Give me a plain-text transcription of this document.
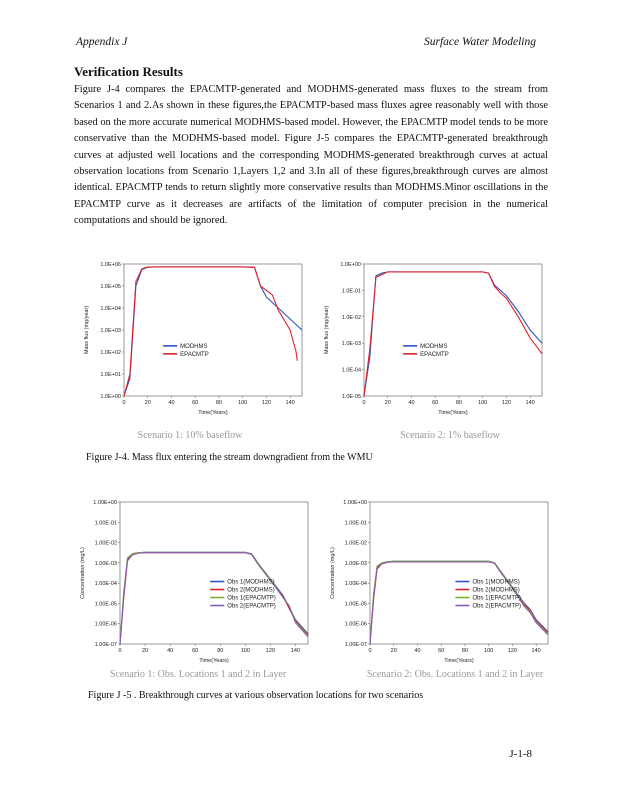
Appendix J	Surface Water Modeling
Verification Results

Figure J-4 compares the EPACMTP-generated and MODHMS-generated mass fluxes to the stream from Scenarios 1 and 2.As shown in these figures,the EPACMTP-based mass fluxes agree reasonably well with those based on the more accurate numerical MODHMS-based model. However, the EPACMTP model tends to be more conservative than the MODHMS-based model. Figure J-5 compares the EPACMTP-generated breakthrough curves at adjusted well locations and the corresponding MODHMS-generated breakthrough curves at actual observation locations from Scenario 1,Layers 1,2 and 3.In all of these figures,breakthrough curves are almost identical. EPACMTP tends to return slightly more conservative results than MODHMS.Minor oscillations in the EPACMTP curve as it decreases are artifacts of the limitation of computer precision in the numerical computations and should be ignored.

1.0E+00
1.0E+01
1.0E+02
1.0E+03
1.0E+04
1.0E+05
1.0E+06
0	20	40	60	80	100	120	140
Time(Years)
Mass flux (mg/year)	MODHMS
EPACMTP
1.0E-05
1.0E-04
1.0E-03
1.0E-02
1.0E-01
1.0E+00
0	20	40	60	80	100	120	140
Time(Years)
Mass flux (mg/year)	MODHMS
EPACMTP
Scenario 1: 10% baseflow	Scenario 2: 1% baseflow
Figure J-4. Mass flux entering the stream downgradient from the WMU
1.00E-07
1.00E-06
1.00E-05
1.00E-04
1.00E-03
1.00E-02
1.00E-01
1.00E+00
0	20	40	60	80	100	120	140
Time(Years)
Concentration (mg/L)	Obs 1(MODHMS)
Obs 2(MODHMS)
Obs 1(EPACMTP)
Obs 2(EPACMTP)
1.00E-07
1.00E-06
1.00E-05
1.00E-04
1.00E-03
1.00E-02
1.00E-01
1.00E+00
0	20	40	60	80	100	120	140
Time(Years)
Concentration (mg/L)	Obs 1(MODHMS)
Obs 2(MODHMS)
Obs 1(EPACMTP)
Obs 2(EPACMTP)
Scenario 1: Obs. Locations 1 and 2 in Layer	Scenario 2: Obs. Locations 1 and 2 in Layer
Figure J -5 . Breakthrough curves at various observation locations for two scenarios
J-1-8
